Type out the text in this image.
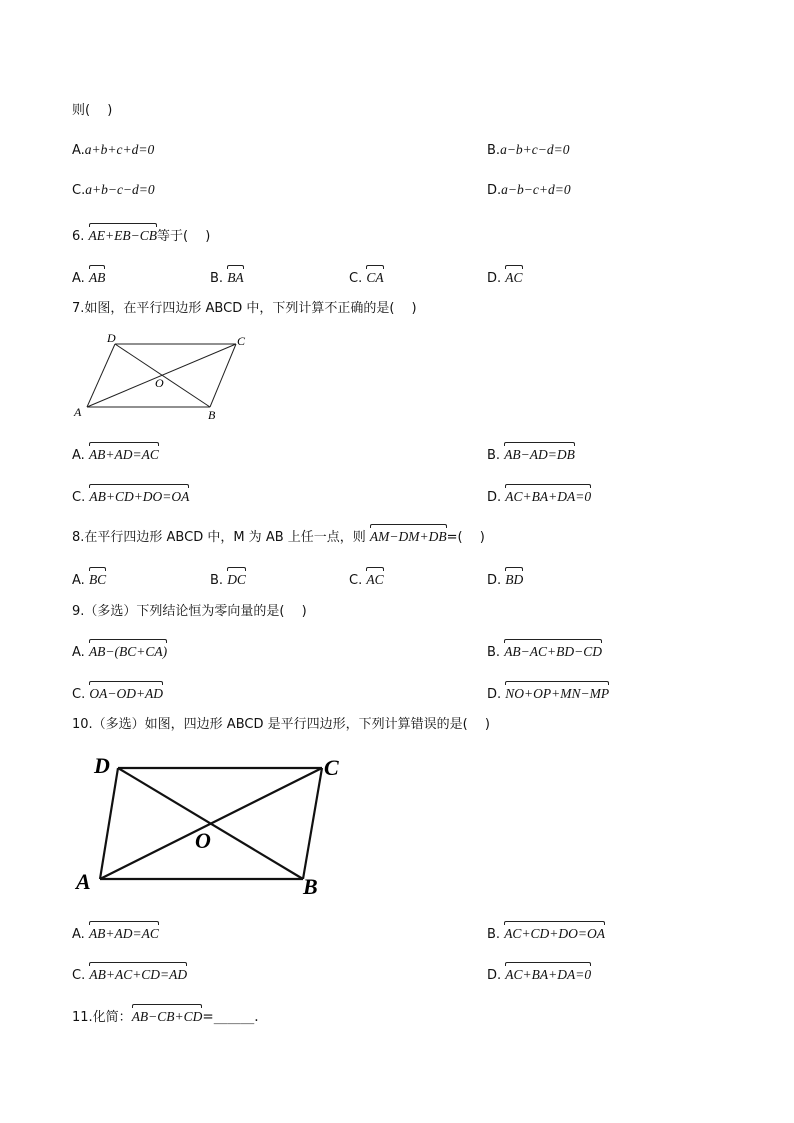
则(　 )
A.a+b+c+d=0	B.a−b+c−d=0
C.a+b−c−d=0	D.a−b−c+d=0
6. AE+EB−CB等于(　 )
A. AB	B. BA	C. CA	D. AC
7.如图，在平行四边形 ABCD 中，下列计算不正确的是(　 )
A	B
C
D
O
A. AB+AD=AC	B. AB−AD=DB
C. AB+CD+DO=OA	D. AC+BA+DA=0
8.在平行四边形 ABCD 中，M 为 AB 上任一点，则 AM−DM+DB=(　 )
A. BC	B. DC	C. AC	D. BD
9.（多选）下列结论恒为零向量的是(　 )
A. AB−(BC+CA)	B. AB−AC+BD−CD
C. OA−OD+AD	D. NO+OP+MN−MP
10.（多选）如图，四边形 ABCD 是平行四边形，下列计算错误的是(　 )
A	B
C
D
O
A. AB+AD=AC	B. AC+CD+DO=OA
C. AB+AC+CD=AD	D. AC+BA+DA=0
11.化简：AB−CB+CD=______.
